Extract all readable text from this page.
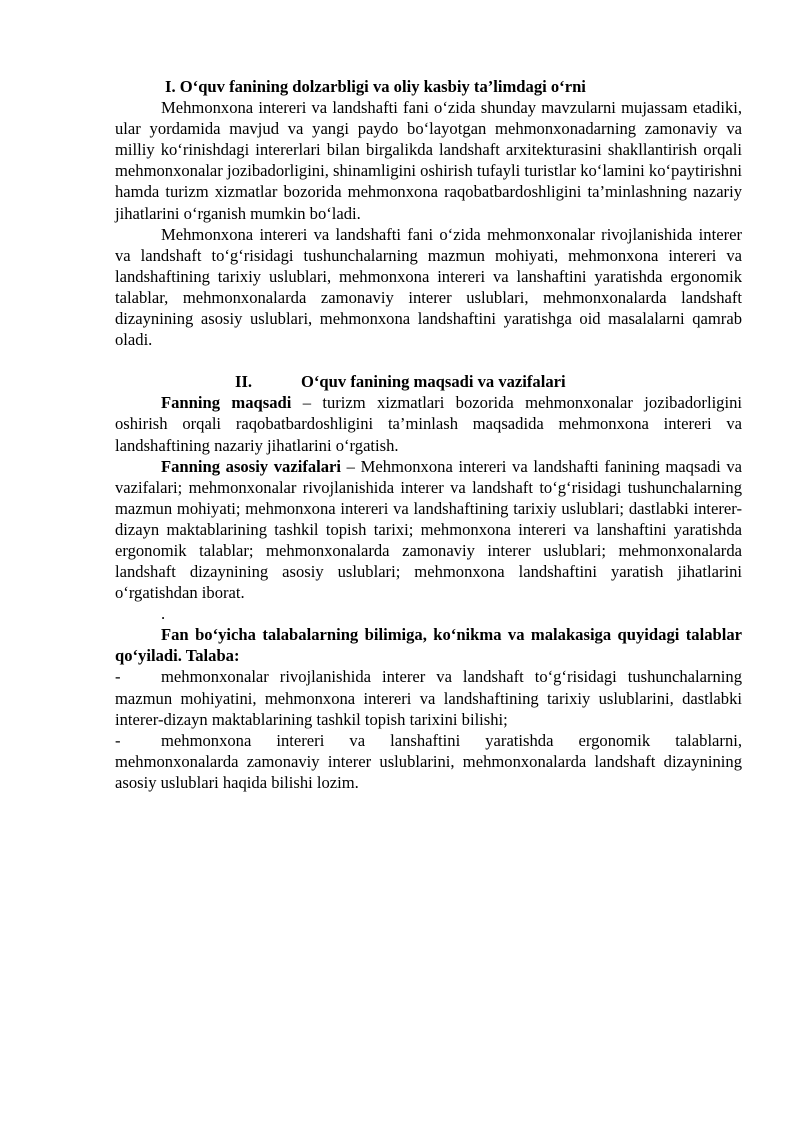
I. O‘quv fanining dolzarbligi va oliy kasbiy ta’limdagi o‘rni

Mehmonxona intereri va landshafti fani o‘zida shunday mavzularni mujassam etadiki, ular yordamida mavjud va yangi paydo bo‘layotgan mehmonxonadarning zamonaviy va milliy ko‘rinishdagi intererlari bilan birgalikda landshaft arxitekturasini shakllantirish orqali mehmonxonalar jozibadorligini, shinamligini oshirish tufayli turistlar ko‘lamini ko‘paytirishni hamda turizm xizmatlar bozorida mehmonxona raqobatbardoshligini ta’minlashning nazariy jihatlarini o‘rganish mumkin bo‘ladi.

Mehmonxona intereri va landshafti fani o‘zida mehmonxonalar rivojlanishida interer va landshaft to‘g‘risidagi tushunchalarning mazmun mohiyati, mehmonxona intereri va landshaftining tarixiy uslublari, mehmonxona intereri va lanshaftini yaratishda ergonomik talablar, mehmonxonalarda zamonaviy interer uslublari, mehmonxonalarda landshaft dizaynining asosiy uslublari, mehmonxona landshaftini yaratishga oid masalalarni qamrab oladi.

II.	O‘quv fanining maqsadi va vazifalari

Fanning maqsadi – turizm xizmatlari bozorida mehmonxonalar jozibadorligini oshirish orqali raqobatbardoshligini ta’minlash maqsadida mehmonxona intereri va landshaftining nazariy jihatlarini o‘rgatish.

Fanning asosiy vazifalari – Mehmonxona intereri va landshafti fanining maqsadi va vazifalari; mehmonxonalar rivojlanishida interer va landshaft to‘g‘risidagi tushunchalarning mazmun mohiyati; mehmonxona intereri va landshaftining tarixiy uslublari; dastlabki interer-dizayn maktablarining tashkil topish tarixi; mehmonxona intereri va lanshaftini yaratishda ergonomik talablar; mehmonxonalarda zamonaviy interer uslublari; mehmonxonalarda landshaft dizaynining asosiy uslublari; mehmonxona landshaftini yaratish jihatlarini o‘rgatishdan iborat.

.

Fan bo‘yicha talabalarning bilimiga, ko‘nikma va malakasiga quyidagi talablar qo‘yiladi. Talaba:

- mehmonxonalar rivojlanishida interer va landshaft to‘g‘risidagi tushunchalarning mazmun mohiyatini, mehmonxona intereri va landshaftining tarixiy uslublarini, dastlabki interer-dizayn maktablarining tashkil topish tarixini bilishi;
- mehmonxona intereri va lanshaftini yaratishda ergonomik talablarni, mehmonxonalarda zamonaviy interer uslublarini, mehmonxonalarda landshaft dizaynining asosiy uslublari haqida bilishi lozim.
